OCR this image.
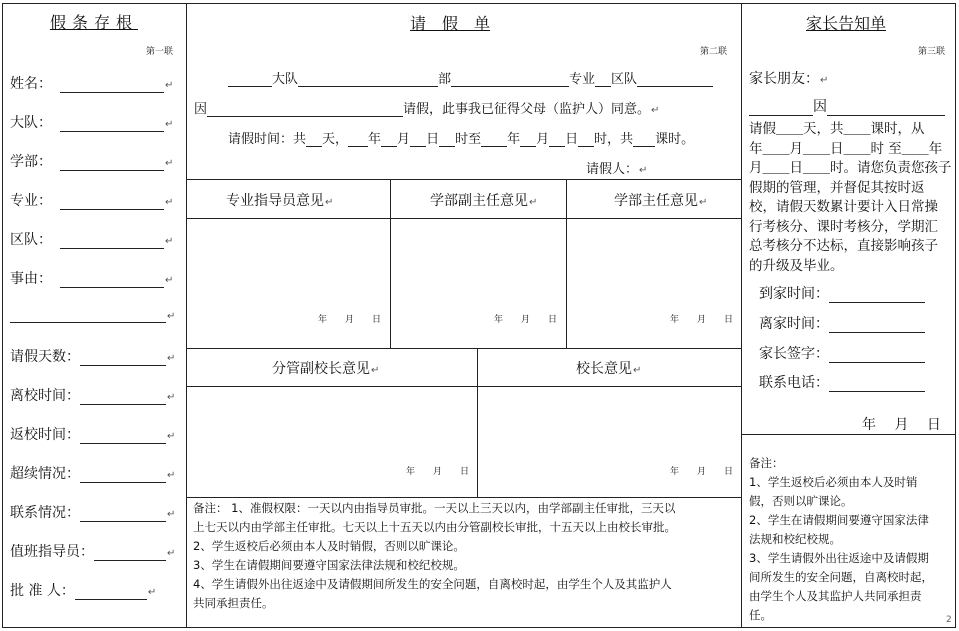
假条存根
第一联
姓名：	↵
大队：	↵
学部：	↵
专业：	↵
区队：	↵
事由：	↵
↵
请假天数：	↵
离校时间：	↵
返校时间：	↵
超续情况：	↵
联系情况：	↵
值班指导员：	↵
批 准 人：	↵
请　假　单
第二联
大队	部	专业 区队
因	请假，此事我已征得父母（监护人）同意。↵
请假时间：共 天， 年 月 日 时至 年 月 日 时，共 课时。
请假人：↵
专业指导员意见↵	学部副主任意见↵	学部主任意见↵
年　　月　　日	年　　月　　日	年　　月　　日
分管副校长意见↵	校长意见↵
年　　月　　日	年　　月　　日
备注： 1、准假权限：一天以内由指导员审批。一天以上三天以内，由学部副主任审批，三天以
上七天以内由学部主任审批。七天以上十五天以内由分管副校长审批，十五天以上由校长审批。
2、学生返校后必须由本人及时销假，否则以旷课论。
3、学生在请假期间要遵守国家法律法规和校纪校规。
4、学生请假外出往返途中及请假期间所发生的安全问题，自离校时起，由学生个人及其监护人
共同承担责任。
家长告知单
第三联
家长朋友：↵
因
请假＿＿天，共＿＿课时，从
年＿＿月＿＿日＿＿时 至＿＿年
月＿＿日＿＿时。请您负责您孩子
假期的管理，并督促其按时返
校，请假天数累计要计入日常操
行考核分、课时考核分，学期汇
总考核分不达标，直接影响孩子
的升级及毕业。
到家时间：
离家时间：
家长签字：
联系电话：
年　 月　 日
备注：
1、学生返校后必须由本人及时销
假，否则以旷课论。
2、学生在请假期间要遵守国家法律
法规和校纪校规。
3、学生请假外出往返途中及请假期
间所发生的安全问题，自离校时起，
由学生个人及其监护人共同承担责
任。	2
